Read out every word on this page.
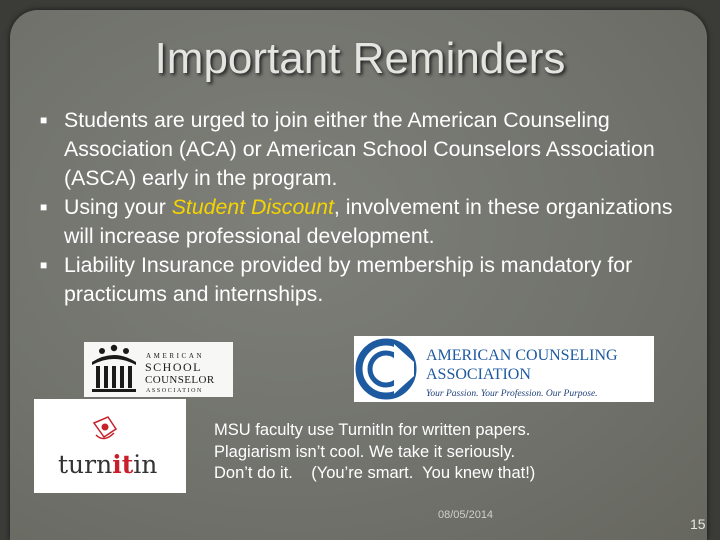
Important Reminders
■ Students are urged to join either the American Counseling Association (ACA) or American School Counselors Association (ASCA) early in the program.
■ Using your Student Discount, involvement in these organizations will increase professional development.
■ Liability Insurance provided by membership is mandatory for practicums and internships.
AMERICAN
SCHOOL
COUNSELOR
ASSOCIATION
AMERICAN COUNSELING
ASSOCIATION
Your Passion. Your Profession. Our Purpose.
turnitin
MSU faculty use TurnitIn for written papers.
Plagiarism isn’t cool. We take it seriously.
Don’t do it.    (You’re smart.  You knew that!)
08/05/2014
15
